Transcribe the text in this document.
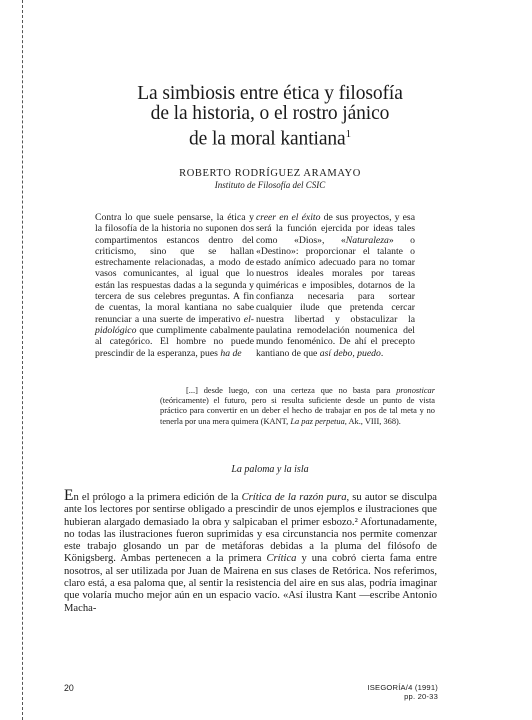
La simbiosis entre ética y filosofía
de la historia, o el rostro jánico
de la moral kantiana$^1$
ROBERTO RODRÍGUEZ ARAMAYO
Instituto de Filosofía del CSIC
Contra lo que suele pensarse, la ética y la filosofía de la historia no suponen dos compartimentos estancos dentro del criticismo, sino que se hallan estrechamente relacionadas, a modo de vasos comunicantes, al igual que lo están las respuestas dadas a la segunda y tercera de sus celebres preguntas. A fin de cuentas, la moral kantiana no sabe renunciar a una suerte de imperativo el-pidológico que cumplimente cabalmente al categórico. El hombre no puede prescindir de la esperanza, pues ha de
creer en el éxito de sus proyectos, y esa será la función ejercida por ideas tales como «Dios», «Naturaleza» o «Destino»: proporcionar el talante o estado anímico adecuado para no tomar nuestros ideales morales por tareas quiméricas e imposibles, dotarnos de la confianza necesaria para sortear cualquier ilude que pretenda cercar nuestra libertad y obstaculizar la paulatina remodelación noumenica del mundo fenoménico. De ahí el precepto kantiano de que así debo, puedo.
[...] desde luego, con una certeza que no basta para pronosticar (teóricamente) el futuro, pero si resulta suficiente desde un punto de vista práctico para convertir en un deber el hecho de trabajar en pos de tal meta y no tenerla por una mera quimera (KANT, La paz perpetua, Ak., VIII, 368).
La paloma y la isla
En el prólogo a la primera edición de la Crítica de la razón pura, su autor se disculpa ante los lectores por sentirse obligado a prescindir de unos ejemplos e ilustraciones que hubieran alargado demasiado la obra y salpicaban el primer esbozo.² Afortunadamente, no todas las ilustraciones fueron suprimidas y esa circunstancia nos permite comenzar este trabajo glosando un par de metáforas debidas a la pluma del filósofo de Königsberg. Ambas pertenecen a la primera Crítica y una cobró cierta fama entre nosotros, al ser utilizada por Juan de Mairena en sus clases de Retórica. Nos referimos, claro está, a esa paloma que, al sentir la resistencia del aire en sus alas, podría imaginar que volaría mucho mejor aún en un espacio vacío. «Así ilustra Kant —escribe Antonio Macha-
20	ISEGORÍA/4 (1991) pp. 20-33
